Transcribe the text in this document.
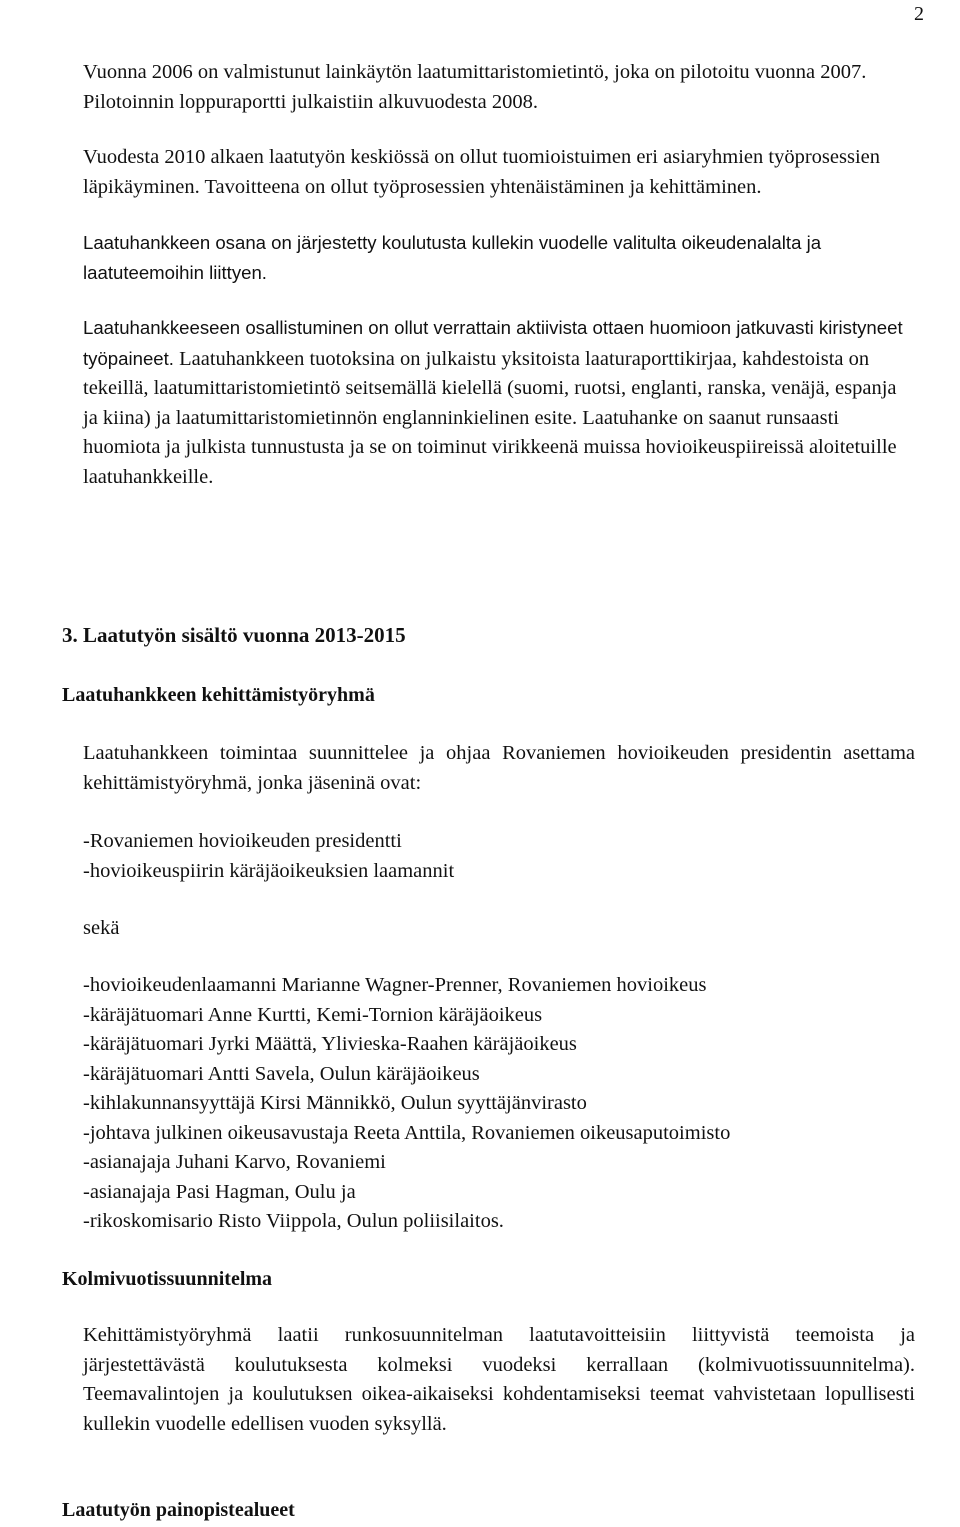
2

Vuonna 2006 on valmistunut lainkäytön laatumittaristomietintö, joka on pilotoitu vuonna 2007. Pilotoinnin loppuraportti julkaistiin alkuvuodesta 2008.

Vuodesta 2010 alkaen laatutyön keskiössä on ollut tuomioistuimen eri asiaryhmien työprosessien läpikäyminen. Tavoitteena on ollut työprosessien yhtenäistäminen ja kehittäminen.

Laatuhankkeen osana on järjestetty koulutusta kullekin vuodelle valitulta oikeudenalalta ja laatuteemoihin liittyen.

Laatuhankkeeseen osallistuminen on ollut verrattain aktiivista ottaen huomioon jatkuvasti kiristyneet työpaineet. Laatuhankkeen tuotoksina on julkaistu yksitoista laaturaporttikirjaa, kahdestoista on tekeillä, laatumittaristomietintö seitsemällä kielellä (suomi, ruotsi, englanti, ranska, venäjä, espanja ja kiina) ja laatumittaristomietinnön englanninkielinen esite. Laatuhanke on saanut runsaasti huomiota ja julkista tunnustusta ja se on toiminut virikkeenä muissa hovioikeuspiireissä aloitetuille laatuhankkeille.

3. Laatutyön sisältö vuonna 2013-2015
Laatuhankkeen kehittämistyöryhmä

Laatuhankkeen toimintaa suunnittelee ja ohjaa Rovaniemen hovioikeuden presidentin asettama kehittämistyöryhmä, jonka jäseninä ovat:

-Rovaniemen hovioikeuden presidentti
-hovioikeuspiirin käräjäoikeuksien laamannit

sekä

-hovioikeudenlaamanni Marianne Wagner-Prenner, Rovaniemen hovioikeus
-käräjätuomari Anne Kurtti, Kemi-Tornion käräjäoikeus
-käräjätuomari Jyrki Määttä, Ylivieska-Raahen käräjäoikeus
-käräjätuomari Antti Savela, Oulun käräjäoikeus
-kihlakunnansyyttäjä Kirsi Männikkö, Oulun syyttäjänvirasto
-johtava julkinen oikeusavustaja Reeta Anttila, Rovaniemen oikeusaputoimisto
-asianajaja Juhani Karvo, Rovaniemi
-asianajaja Pasi Hagman, Oulu ja
-rikoskomisario Risto Viippola, Oulun poliisilaitos.
Kolmivuotissuunnitelma

Kehittämistyöryhmä laatii runkosuunnitelman laatutavoitteisiin liittyvistä teemoista ja järjestettävästä koulutuksesta kolmeksi vuodeksi kerrallaan (kolmivuotissuunnitelma). Teemavalintojen ja koulutuksen oikea-aikaiseksi kohdentamiseksi teemat vahvistetaan lopullisesti kullekin vuodelle edellisen vuoden syksyllä.

Laatutyön painopistealueet
